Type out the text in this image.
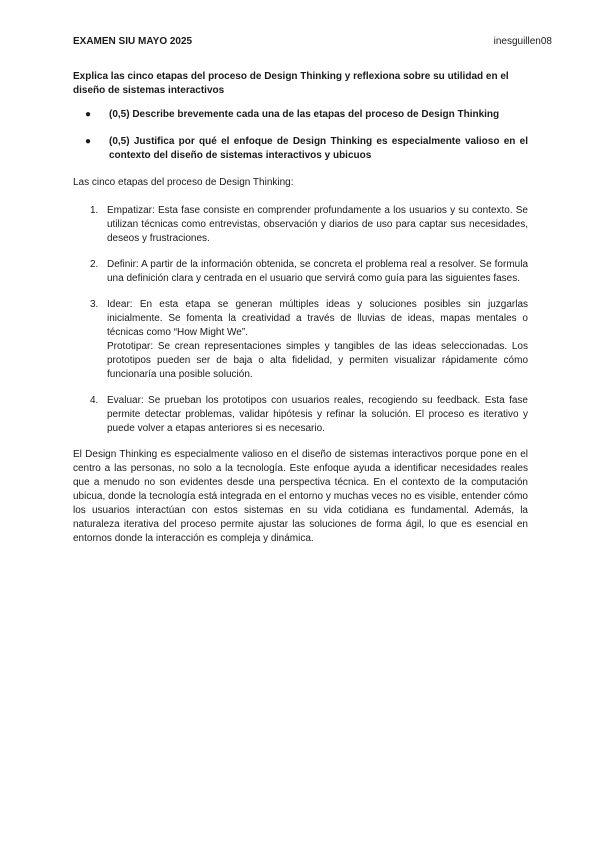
EXAMEN SIU MAYO 2025	inesguillen08

Explica las cinco etapas del proceso de Design Thinking y reflexiona sobre su utilidad en el diseño de sistemas interactivos

● (0,5) Describe brevemente cada una de las etapas del proceso de Design Thinking
● (0,5) Justifica por qué el enfoque de Design Thinking es especialmente valioso en el contexto del diseño de sistemas interactivos y ubicuos

Las cinco etapas del proceso de Design Thinking:

1. Empatizar: Esta fase consiste en comprender profundamente a los usuarios y su contexto. Se utilizan técnicas como entrevistas, observación y diarios de uso para captar sus necesidades, deseos y frustraciones.

2. Definir: A partir de la información obtenida, se concreta el problema real a resolver. Se formula una definición clara y centrada en el usuario que servirá como guía para las siguientes fases.

3. Idear: En esta etapa se generan múltiples ideas y soluciones posibles sin juzgarlas inicialmente. Se fomenta la creatividad a través de lluvias de ideas, mapas mentales o técnicas como “How Might We”.

Prototipar: Se crean representaciones simples y tangibles de las ideas seleccionadas. Los prototipos pueden ser de baja o alta fidelidad, y permiten visualizar rápidamente cómo funcionaría una posible solución.

4. Evaluar: Se prueban los prototipos con usuarios reales, recogiendo su feedback. Esta fase permite detectar problemas, validar hipótesis y refinar la solución. El proceso es iterativo y puede volver a etapas anteriores si es necesario.

El Design Thinking es especialmente valioso en el diseño de sistemas interactivos porque pone en el centro a las personas, no solo a la tecnología. Este enfoque ayuda a identificar necesidades reales que a menudo no son evidentes desde una perspectiva técnica. En el contexto de la computación ubicua, donde la tecnología está integrada en el entorno y muchas veces no es visible, entender cómo los usuarios interactúan con estos sistemas en su vida cotidiana es fundamental. Además, la naturaleza iterativa del proceso permite ajustar las soluciones de forma ágil, lo que es esencial en entornos donde la interacción es compleja y dinámica.
